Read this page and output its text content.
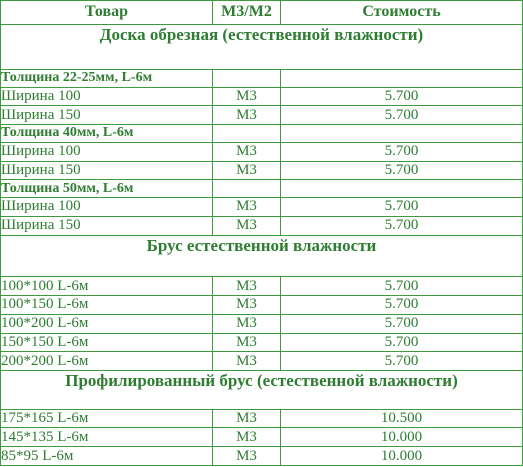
Товар	М3/М2	Стоимость
Доска обрезная (естественной влажности)		
Толщина 22-25мм, L-6м		
Ширина 100	М3	5.700
Ширина 150	М3	5.700
Толщина 40мм, L-6м		
Ширина 100	М3	5.700
Ширина 150	М3	5.700
Толщина 50мм, L-6м		
Ширина 100	М3	5.700
Ширина 150	М3	5.700
Брус естественной влажности		
100*100 L-6м	М3	5.700
100*150 L-6м	М3	5.700
100*200 L-6м	М3	5.700
150*150 L-6м	М3	5.700
200*200 L-6м	М3	5.700
Профилированный брус (естественной влажности)		
175*165 L-6м	М3	10.500
145*135 L-6м	М3	10.000
85*95 L-6м	М3	10.000
